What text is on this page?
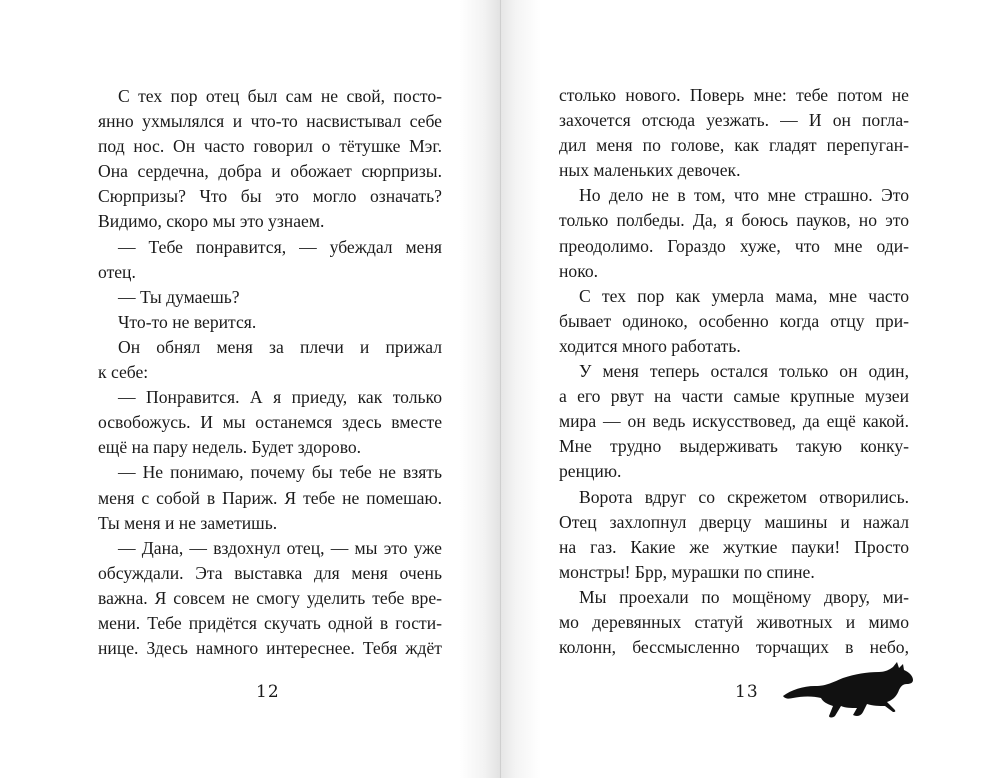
С тех пор отец был сам не свой, посто-
янно ухмылялся и что-то насвистывал себе
под нос. Он часто говорил о тётушке Мэг.
Она сердечна, добра и обожает сюрпризы.
Сюрпризы? Что бы это могло означать?
Видимо, скоро мы это узнаем.
— Тебе понравится, — убеждал меня
отец.
— Ты думаешь?
Что-то не верится.
Он обнял меня за плечи и прижал
к себе:
— Понравится. А я приеду, как только
освобожусь. И мы останемся здесь вместе
ещё на пару недель. Будет здорово.
— Не понимаю, почему бы тебе не взять
меня с собой в Париж. Я тебе не помешаю.
Ты меня и не заметишь.
— Дана, — вздохнул отец, — мы это уже
обсуждали. Эта выставка для меня очень
важна. Я совсем не смогу уделить тебе вре-
мени. Тебе придётся скучать одной в гости-
нице. Здесь намного интереснее. Тебя ждёт
12
столько нового. Поверь мне: тебе потом не
захочется отсюда уезжать. — И он погла-
дил меня по голове, как гладят перепуган-
ных маленьких девочек.
Но дело не в том, что мне страшно. Это
только полбеды. Да, я боюсь пауков, но это
преодолимо. Гораздо хуже, что мне оди-
ноко.
С тех пор как умерла мама, мне часто
бывает одиноко, особенно когда отцу при-
ходится много работать.
У меня теперь остался только он один,
а его рвут на части самые крупные музеи
мира — он ведь искусствовед, да ещё какой.
Мне трудно выдерживать такую конку-
ренцию.
Ворота вдруг со скрежетом отворились.
Отец захлопнул дверцу машины и нажал
на газ. Какие же жуткие пауки! Просто
монстры! Брр, мурашки по спине.
Мы проехали по мощёному двору, ми-
мо деревянных статуй животных и мимо
колонн, бессмысленно торчащих в небо,
13
